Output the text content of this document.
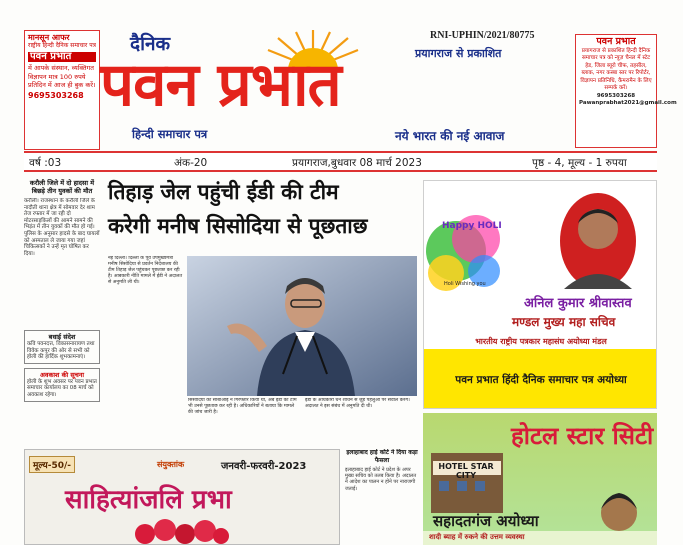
मानसून आफर
राष्ट्रीय हिन्दी दैनिक समाचार पत्र
पवन प्रभात
में आपके संस्थान, व्यक्तिगत विज्ञापन मात्र 100 रुपये प्रतिदिन में आज ही बुक करें।
9695303268
दैनिक	RNI-UPHIN/2021/80775
प्रयागराज से प्रकाशित
पवन प्रभात
हिन्दी समाचार पत्र	नये भारत की नई आवाज
पवन प्रभात
प्रयागराज से प्रकाशित हिन्दी दैनिक समाचार पत्र को न्यूज़ चैनल में स्टेट हेड, जिला ब्यूरो चीफ, तहसील, ब्लाक, नगर कस्बा स्तर पर रिपोर्टर, विज्ञापन प्रतिनिधि, कैमरामैन के लिए सम्पर्क करें।
9695303268
Pawanprabhat2021@gmail.com
वर्ष :03	अंक-20	प्रयागराज,बुधवार 08 मार्च 2023	पृष्ठ - 4, मूल्य - 1 रुपया
करौली जिले में दो हादसा में बिछड़े तीन युवकों की मौत
करौली। राजस्थान के करौली जिले के नादौती थाना क्षेत्र में सोमवार देर शाम तेज रफ्तार में जा रही दो मोटरसाइकिलों की आमने सामने की भिड़ंत में तीन युवकों की मौत हो गई। पुलिस के अनुसार हादसे के बाद घायलों को अस्पताल ले जाया गया जहां चिकित्सकों ने उन्हें मृत घोषित कर दिया।
बधाई संदेश
कवि पवनदत्त, विकासनारायण तथा विवेक कपूर की ओर से सभी को होली की हार्दिक शुभकामनाएं।
अवकाश की सूचना
होली के शुभ अवसर पर पवन प्रभात समाचार कार्यालय का 08 मार्च को अवकाश रहेगा।
तिहाड़ जेल पहुंची ईडी की टीम
करेगी मनीष सिसोदिया से पूछताछ
नई दिल्ली। दिल्ली के पूर्व उपमुख्यमंत्री मनीष सिसोदिया से प्रवर्तन निदेशालय की टीम तिहाड़ जेल पहुंचकर पूछताछ कर रही है। आबकारी नीति मामले में ईडी ने अदालत से अनुमति ली थी।
सिसोदिया को सीबीआई ने गिरफ्तार किया था, अब ईडी की टीम भी उनसे पूछताछ कर रही है। अधिकारियों ने बताया कि मामले की जांच जारी है।
ईडी के अधिकारी धन शोधन से जुड़े पहलुओं पर सवाल करेंगे। अदालत ने इस संबंध में अनुमति दी थी।
Happy HOLI
Holi Wishing you
अनिल कुमार श्रीवास्तव
मण्डल मुख्य महा सचिव
भारतीय राष्ट्रीय पत्रकार महासंघ अयोध्या मंडल
पवन प्रभात हिंदी दैनिक समाचार पत्र अयोध्या
मूल्य-50/-	संयुक्तांक	जनवरी-फरवरी-2023
साहित्यांजलि प्रभा
इलाहाबाद हाई कोर्ट ने दिया कड़ा फैसला
इलाहाबाद हाई कोर्ट ने प्रदेश के अपर मुख्य सचिव को तलब किया है। अदालत ने आदेश का पालन न होने पर नाराजगी जताई।
HOTEL STAR CITY
होटल स्टार सिटी
सहादतगंज अयोध्या
शादी ब्याह में रुकने की उत्तम व्यवस्था
